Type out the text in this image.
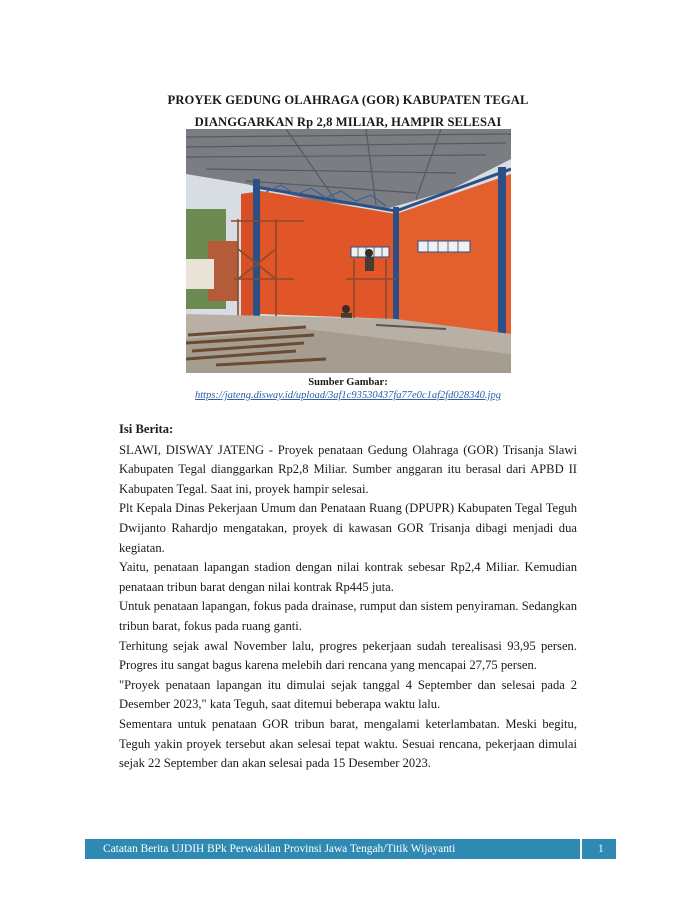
PROYEK GEDUNG OLAHRAGA (GOR) KABUPATEN TEGAL
DIANGGARKAN Rp 2,8 MILIAR, HAMPIR SELESAI
Sumber Gambar:
https://jateng.disway.id/upload/3af1c93530437fa77e0c1af2fd028340.jpg
Isi Berita:

SLAWI, DISWAY JATENG - Proyek penataan Gedung Olahraga (GOR) Trisanja Slawi Kabupaten Tegal dianggarkan Rp2,8 Miliar. Sumber anggaran itu berasal dari APBD II Kabupaten Tegal. Saat ini, proyek hampir selesai.

Plt Kepala Dinas Pekerjaan Umum dan Penataan Ruang (DPUPR) Kabupaten Tegal Teguh Dwijanto Rahardjo mengatakan, proyek di kawasan GOR Trisanja dibagi menjadi dua kegiatan.

Yaitu, penataan lapangan stadion dengan nilai kontrak sebesar Rp2,4 Miliar. Kemudian penataan tribun barat dengan nilai kontrak Rp445 juta.

Untuk penataan lapangan, fokus pada drainase, rumput dan sistem penyiraman. Sedangkan tribun barat, fokus pada ruang ganti.

Terhitung sejak awal November lalu, progres pekerjaan sudah terealisasi 93,95 persen. Progres itu sangat bagus karena melebih dari rencana yang mencapai 27,75 persen.

"Proyek penataan lapangan itu dimulai sejak tanggal 4 September dan selesai pada 2 Desember 2023," kata Teguh, saat ditemui beberapa waktu lalu.

Sementara untuk penataan GOR tribun barat, mengalami keterlambatan. Meski begitu, Teguh yakin proyek tersebut akan selesai tepat waktu. Sesuai rencana, pekerjaan dimulai sejak 22 September dan akan selesai pada 15 Desember 2023.

Catatan Berita UJDIH BPk Perwakilan Provinsi Jawa Tengah/Titik Wijayanti	1
